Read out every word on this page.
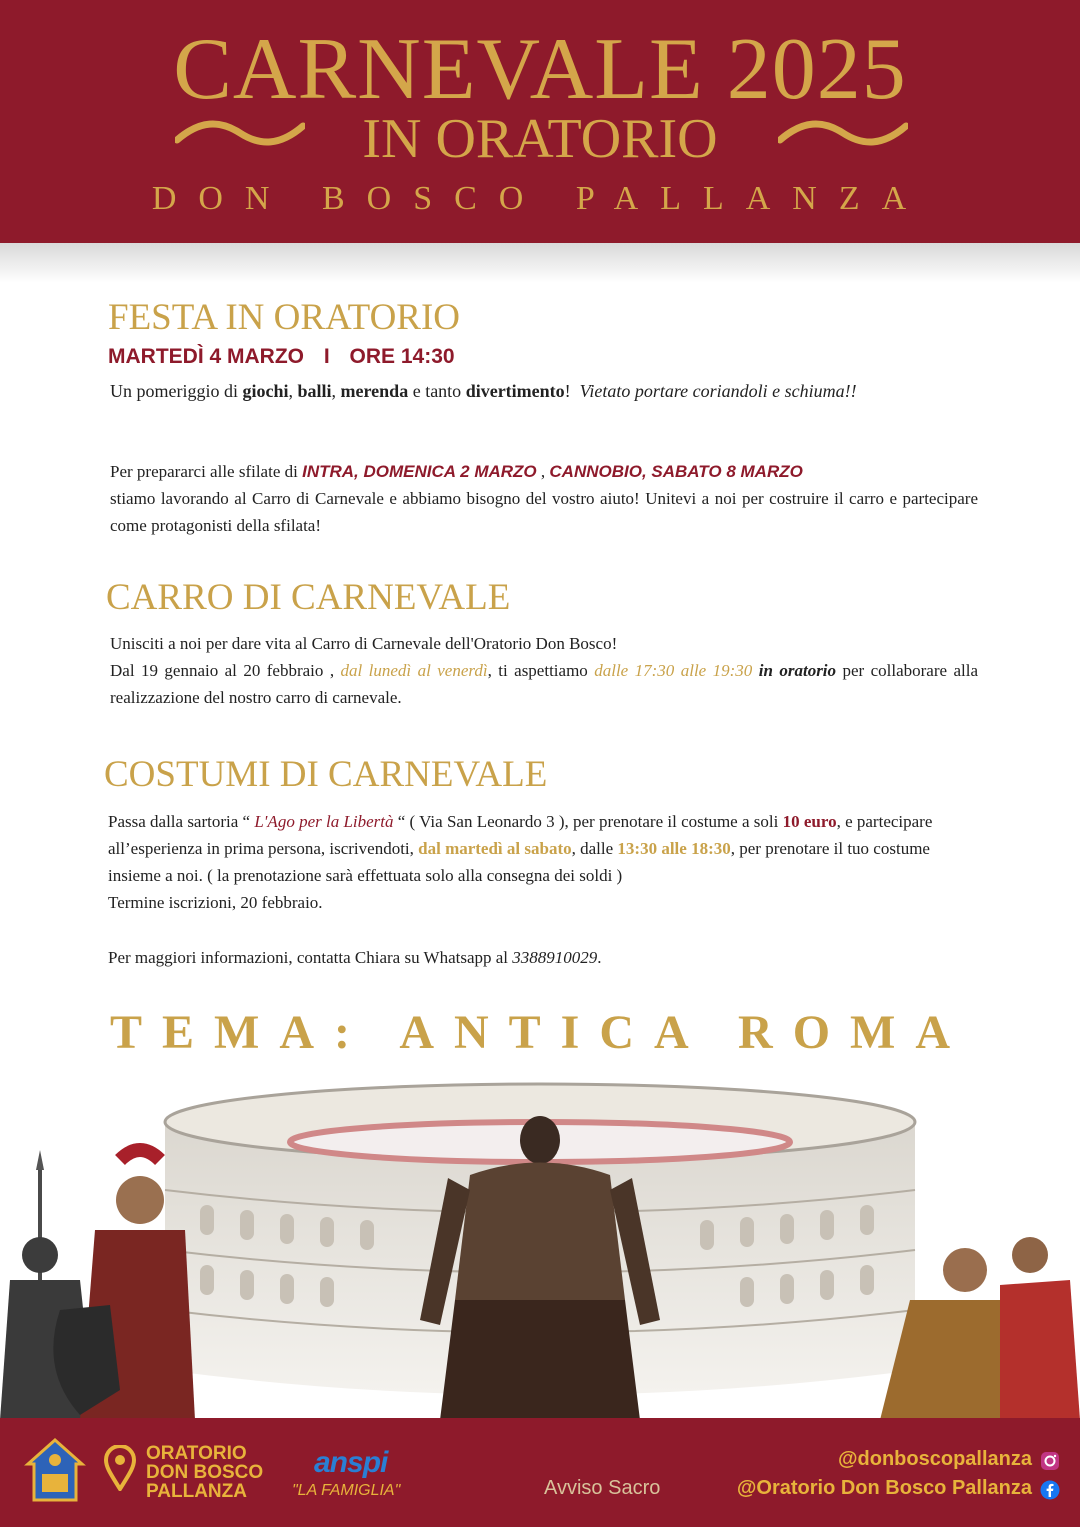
CARNEVALE 2025
IN ORATORIO
DON BOSCO PALLANZA
FESTA IN ORATORIO
MARTEDÌ 4 MARZO I ORE 14:30
Un pomeriggio di giochi, balli, merenda e tanto divertimento!  Vietato portare coriandoli e schiuma!!
Per prepararci alle sfilate di INTRA, DOMENICA 2 MARZO , CANNOBIO, SABATO 8 MARZO
stiamo lavorando al Carro di Carnevale e abbiamo bisogno del vostro aiuto! Unitevi a noi per costruire il carro e partecipare come protagonisti della sfilata!
CARRO DI CARNEVALE
Unisciti a noi per dare vita al Carro di Carnevale dell'Oratorio Don Bosco!
Dal 19 gennaio al 20 febbraio , dal lunedì al venerdì, ti aspettiamo dalle 17:30 alle 19:30 in oratorio per collaborare alla realizzazione del nostro carro di carnevale.
COSTUMI DI CARNEVALE
Passa dalla sartoria “ L'Ago per la Libertà “ ( Via San Leonardo 3 ), per prenotare il costume a soli 10 euro, e partecipare all’esperienza in prima persona, iscrivendoti, dal martedì al sabato, dalle 13:30 alle 18:30, per prenotare il tuo costume insieme a noi. ( la prenotazione sarà effettuata solo alla consegna dei soldi )
Termine iscrizioni, 20 febbraio.
Per maggiori informazioni, contatta Chiara su Whatsapp al 3388910029.
TEMA: ANTICA ROMA
ORATORIO
DON BOSCO
PALLANZA
anspi
"LA FAMIGLIA"	Avviso Sacro
@donboscopallanza
@Oratorio Don Bosco Pallanza
